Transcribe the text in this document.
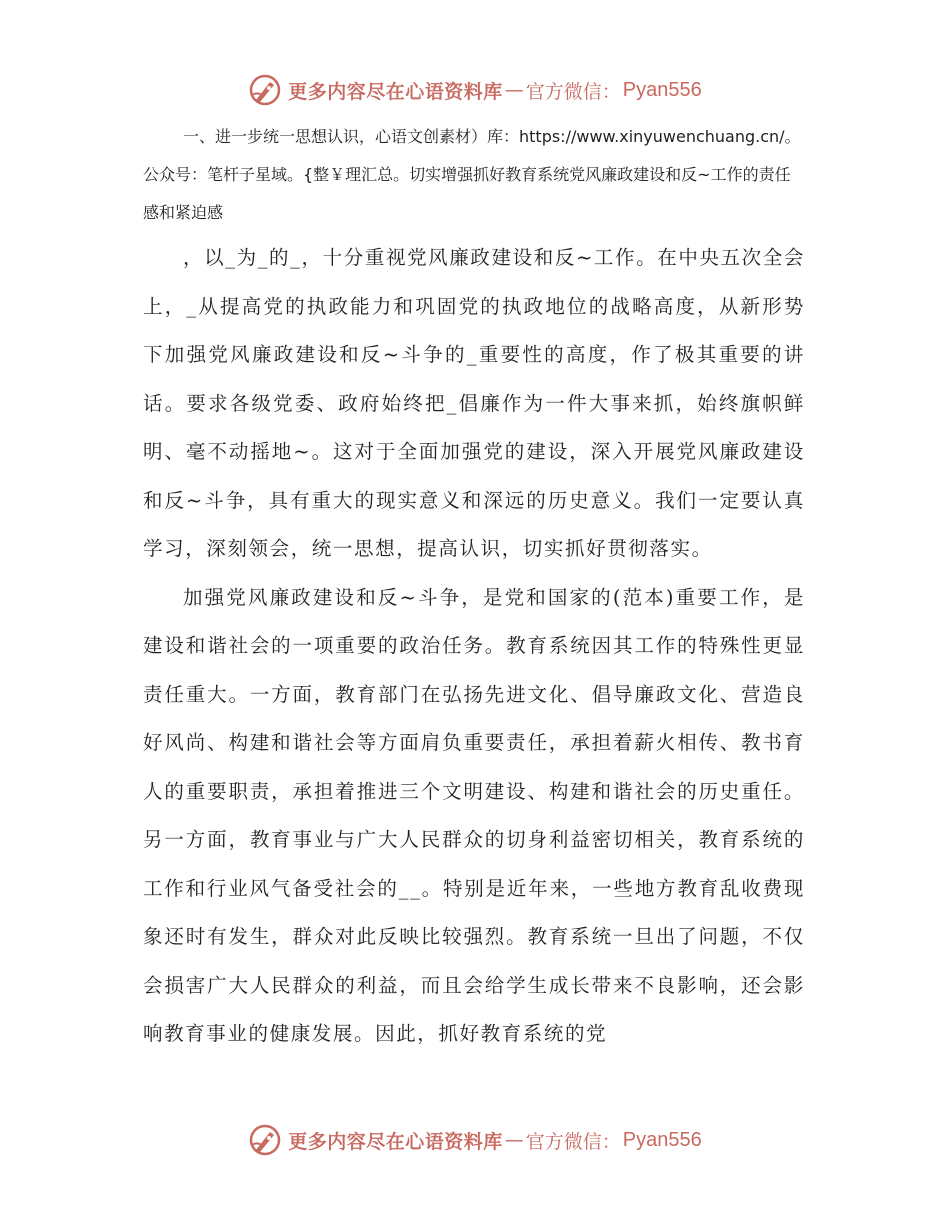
更多内容尽在心语资料库 — 官方微信： Pyan556

一、进一步统一思想认识，心语文创素材）库：https://www.xinyuwenchuang.cn/。公众号：笔杆子星域。{整￥理汇总。切实增强抓好教育系统党风廉政建设和反~工作的责任感和紧迫感

，以_为_的_，十分重视党风廉政建设和反~工作。在中央五次全会上，_从提高党的执政能力和巩固党的执政地位的战略高度，从新形势下加强党风廉政建设和反~斗争的_重要性的高度，作了极其重要的讲话。要求各级党委、政府始终把_倡廉作为一件大事来抓，始终旗帜鲜明、毫不动摇地~。这对于全面加强党的建设，深入开展党风廉政建设和反~斗争，具有重大的现实意义和深远的历史意义。我们一定要认真学习，深刻领会，统一思想，提高认识，切实抓好贯彻落实。

加强党风廉政建设和反~斗争，是党和国家的(范本)重要工作，是建设和谐社会的一项重要的政治任务。教育系统因其工作的特殊性更显责任重大。一方面，教育部门在弘扬先进文化、倡导廉政文化、营造良好风尚、构建和谐社会等方面肩负重要责任，承担着薪火相传、教书育人的重要职责，承担着推进三个文明建设、构建和谐社会的历史重任。另一方面，教育事业与广大人民群众的切身利益密切相关，教育系统的工作和行业风气备受社会的__。特别是近年来，一些地方教育乱收费现象还时有发生，群众对此反映比较强烈。教育系统一旦出了问题，不仅会损害广大人民群众的利益，而且会给学生成长带来不良影响，还会影响教育事业的健康发展。因此，抓好教育系统的党

更多内容尽在心语资料库 — 官方微信： Pyan556
